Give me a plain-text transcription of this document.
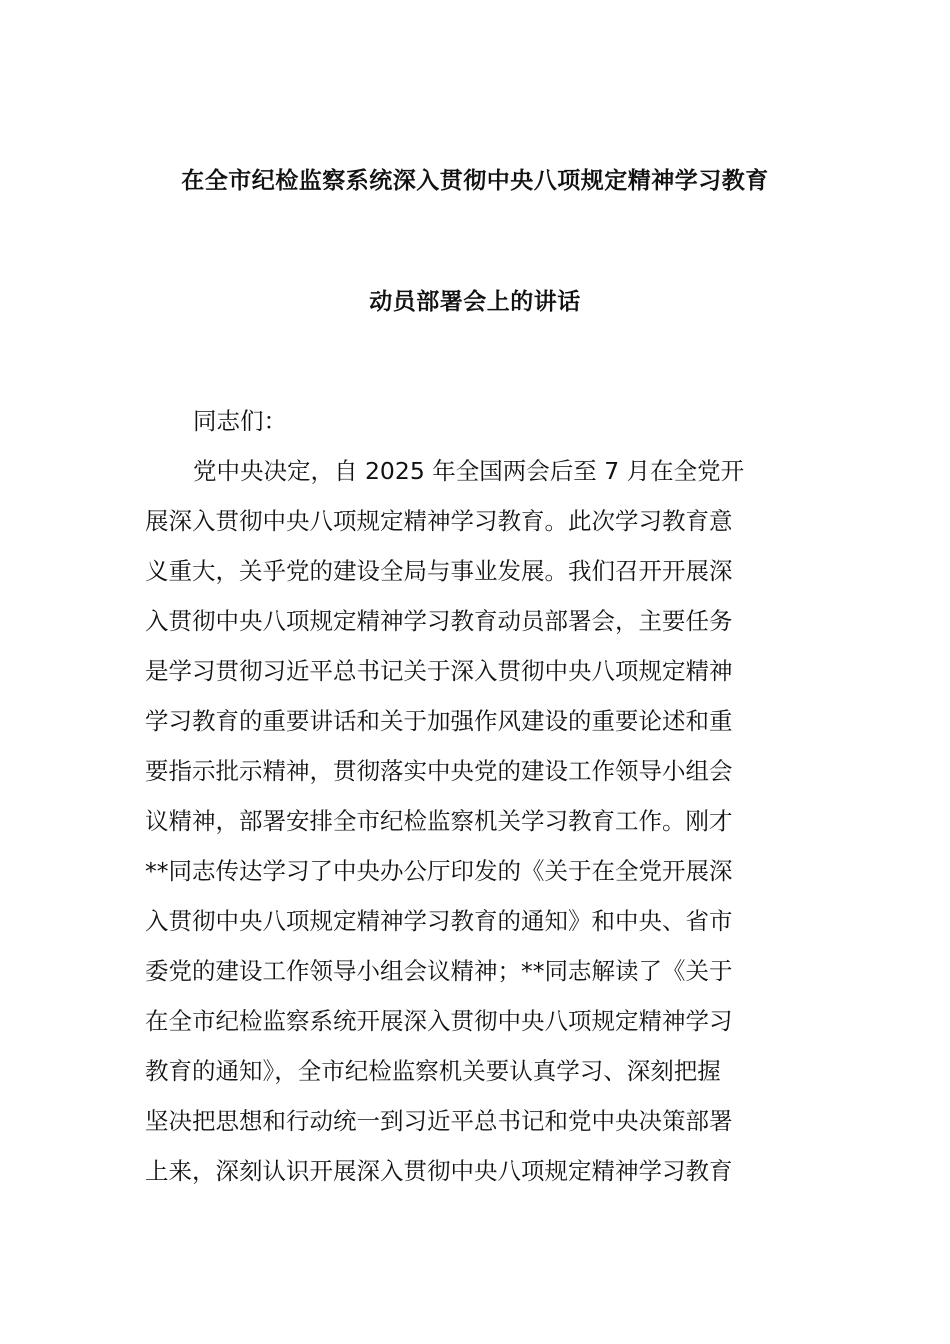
在全市纪检监察系统深入贯彻中央八项规定精神学习教育
动员部署会上的讲话
同志们：
党中央决定，自 2025 年全国两会后至 7 月在全党开
展深入贯彻中央八项规定精神学习教育。此次学习教育意
义重大，关乎党的建设全局与事业发展。我们召开开展深
入贯彻中央八项规定精神学习教育动员部署会，主要任务
是学习贯彻习近平总书记关于深入贯彻中央八项规定精神
学习教育的重要讲话和关于加强作风建设的重要论述和重
要指示批示精神，贯彻落实中央党的建设工作领导小组会
议精神，部署安排全市纪检监察机关学习教育工作。刚才
**同志传达学习了中央办公厅印发的《关于在全党开展深
入贯彻中央八项规定精神学习教育的通知》和中央、省市
委党的建设工作领导小组会议精神；**同志解读了《关于
在全市纪检监察系统开展深入贯彻中央八项规定精神学习
教育的通知》，全市纪检监察机关要认真学习、深刻把握
坚决把思想和行动统一到习近平总书记和党中央决策部署
上来，深刻认识开展深入贯彻中央八项规定精神学习教育
